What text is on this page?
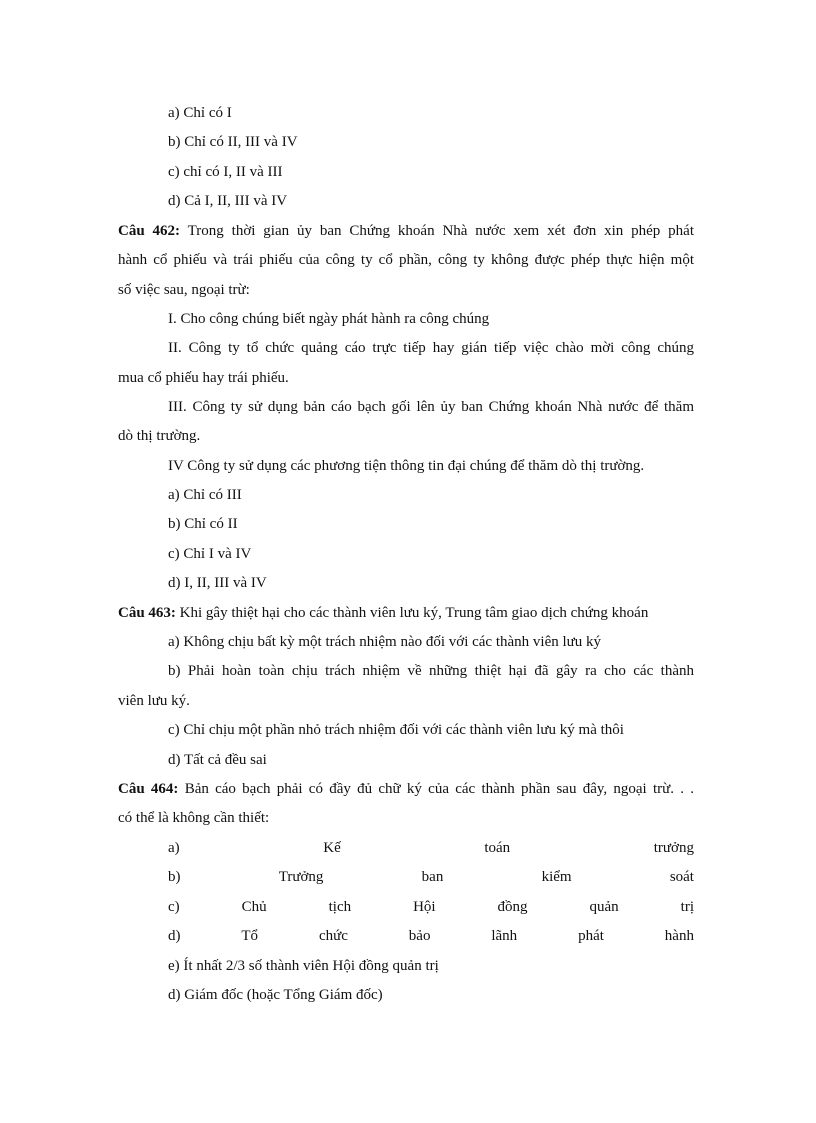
a) Chỉ có I
b) Chỉ có II, III và IV
c) chỉ có I, II và III
d) Cả I, II, III và IV
Câu 462: Trong thời gian ủy ban Chứng khoán Nhà nước xem xét đơn xin phép phát
hành cổ phiếu và trái phiếu của công ty cổ phần, công ty không được phép thực hiện một
số việc sau, ngoại trừ:
I. Cho công chúng biết ngày phát hành ra công chúng
II. Công ty tổ chức quảng cáo trực tiếp hay gián tiếp việc chào mời công chúng
mua cổ phiếu hay trái phiếu.
III. Công ty sử dụng bản cáo bạch gối lên ủy ban Chứng khoán Nhà nước để thăm
dò thị trường.
IV Công ty sử dụng các phương tiện thông tin đại chúng để thăm dò thị trường.
a) Chỉ có III
b) Chỉ có II
c) Chỉ I và IV
d) I, II, III và IV
Câu 463: Khi gây thiệt hại cho các thành viên lưu ký, Trung tâm giao dịch chứng khoán
a) Không chịu bất kỳ một trách nhiệm nào đối với các thành viên lưu ký
b) Phải hoàn toàn chịu trách nhiệm về những thiệt hại đã gây ra cho các thành
viên lưu ký.
c) Chỉ chịu một phần nhỏ trách nhiệm đối với các thành viên lưu ký mà thôi
d) Tất cả đều sai
Câu 464: Bản cáo bạch phải có đầy đủ chữ ký của các thành phần sau đây, ngoại trừ. . .
có thể là không cần thiết:
a)	Kế	toán	trưởng
b)	Trưởng	ban	kiểm	soát
c)	Chủ	tịch	Hội	đồng	quản	trị
d)	Tổ	chức	bảo	lãnh	phát	hành
e) Ít nhất 2/3 số thành viên Hội đồng quản trị
d) Giám đốc (hoặc Tổng Giám đốc)
